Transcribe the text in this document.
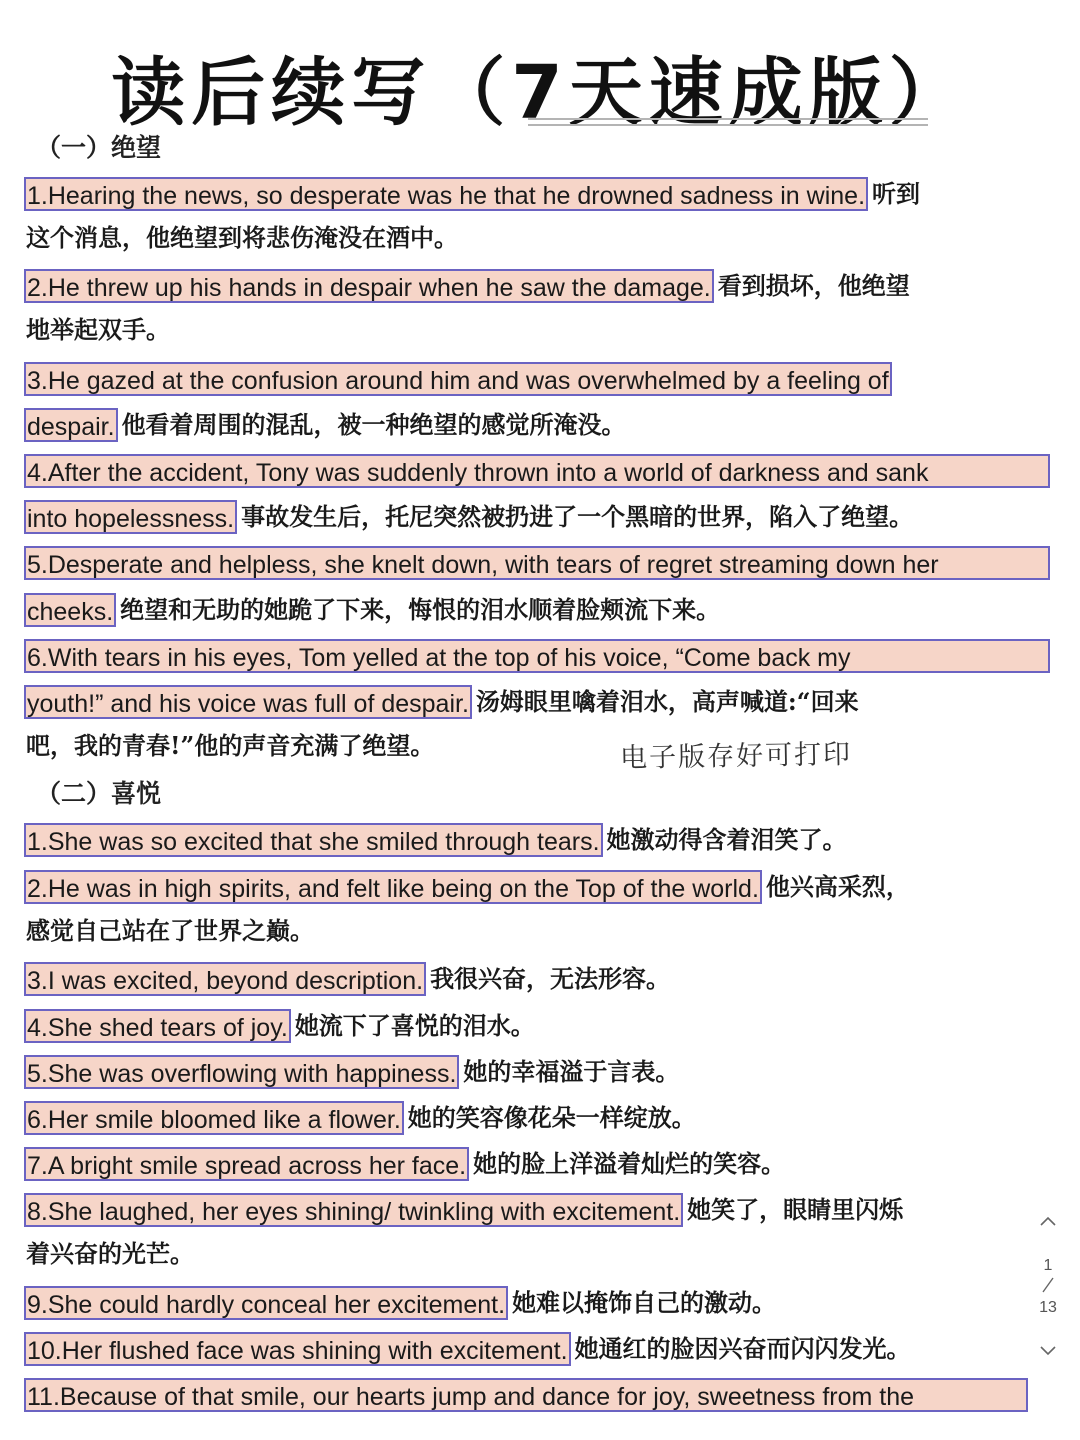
读后续写（7天速成版）
（一）绝望
1.Hearing the news, so desperate was he that he drowned sadness in wine. 听到
这个消息，他绝望到将悲伤淹没在酒中。
2.He threw up his hands in despair when he saw the damage. 看到损坏，他绝望
地举起双手。
3.He gazed at the confusion around him and was overwhelmed by a feeling of
despair. 他看着周围的混乱，被一种绝望的感觉所淹没。
4.After the accident, Tony was suddenly thrown into a world of darkness and sank
into hopelessness. 事故发生后，托尼突然被扔进了一个黑暗的世界，陷入了绝望。
5.Desperate and helpless, she knelt down, with tears of regret streaming down her
cheeks. 绝望和无助的她跪了下来，悔恨的泪水顺着脸颊流下来。
6.With tears in his eyes, Tom yelled at the top of his voice, “Come back my
youth!” and his voice was full of despair. 汤姆眼里噙着泪水，高声喊道:“回来
吧，我的青春!”他的声音充满了绝望。	电子版存好可打印
（二）喜悦
1.She was so excited that she smiled through tears. 她激动得含着泪笑了。
2.He was in high spirits, and felt like being on the Top of the world. 他兴高采烈，
感觉自己站在了世界之巅。
3.I was excited, beyond description. 我很兴奋，无法形容。
4.She shed tears of joy. 她流下了喜悦的泪水。
5.She was overflowing with happiness. 她的幸福溢于言表。
6.Her smile bloomed like a flower. 她的笑容像花朵一样绽放。
7.A bright smile spread across her face. 她的脸上洋溢着灿烂的笑容。
8.She laughed, her eyes shining/ twinkling with excitement. 她笑了，眼睛里闪烁
着兴奋的光芒。
9.She could hardly conceal her excitement. 她难以掩饰自己的激动。
10.Her flushed face was shining with excitement. 她通红的脸因兴奋而闪闪发光。
11.Because of that smile, our hearts jump and dance for joy, sweetness from the
1
13
